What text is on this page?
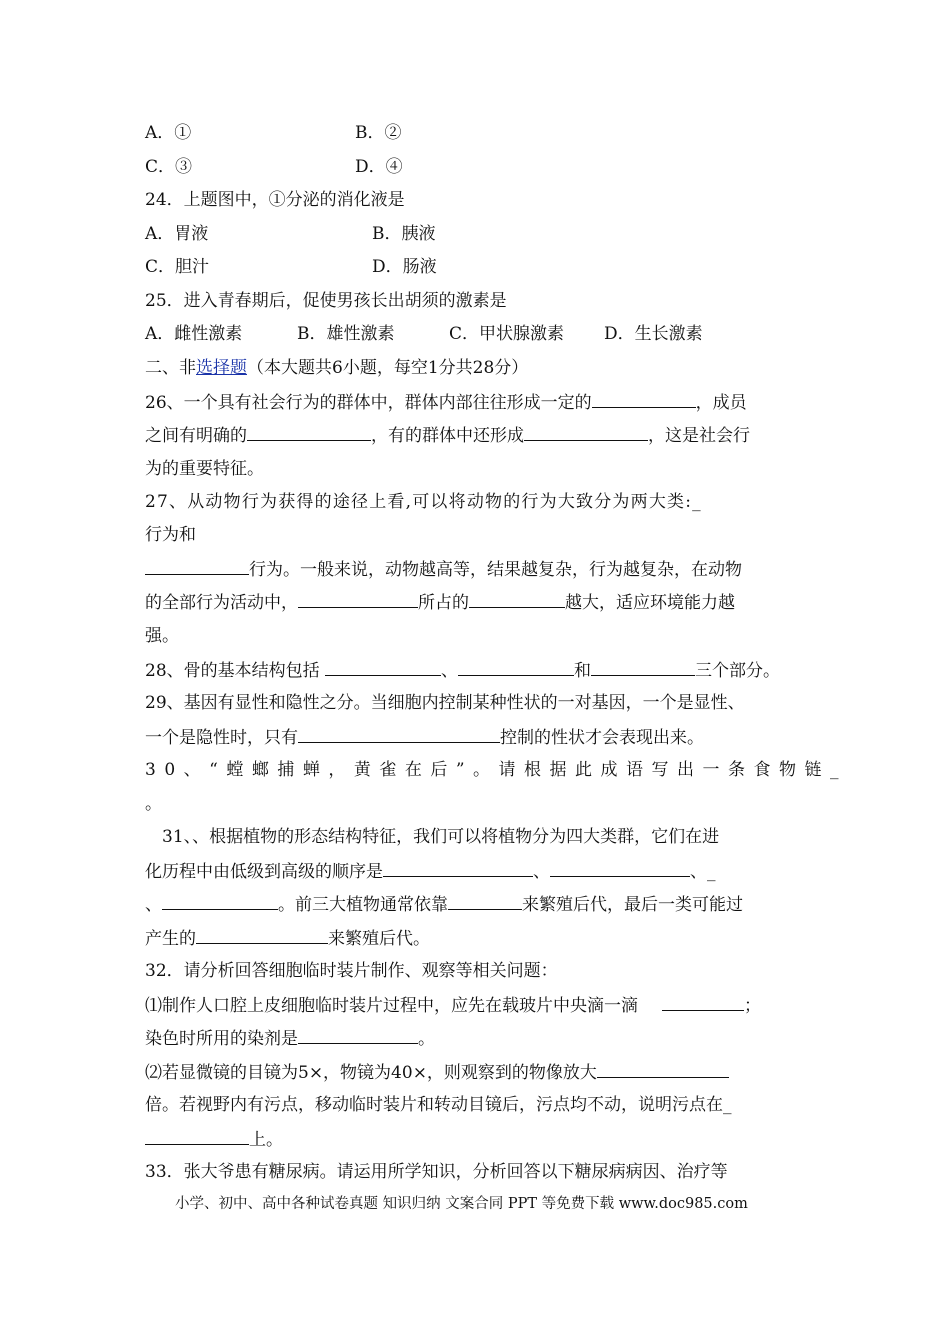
A．①	B．②
C．③	D．④
24．上题图中，①分泌的消化液是
A．胃液	B．胰液
C．胆汁	D．肠液
25．进入青春期后，促使男孩长出胡须的激素是
A．雌性激素	B．雄性激素	C．甲状腺激素 D．生长激素
二、非选择题（本大题共6小题，每空1分共28分）
26、一个具有社会行为的群体中，群体内部往往形成一定的	，成员
之间有明确的	，有的群体中还形成	，这是社会行
为的重要特征。
27、从动物行为获得的途径上看,可以将动物的行为大致分为两大类:_
行为和
行为。一般来说，动物越高等，结果越复杂，行为越复杂，在动物
的全部行为活动中，	所占的	越大，适应环境能力越
强。
28、骨的基本结构包括	、	和	三个部分。
29、基因有显性和隐性之分。当细胞内控制某种性状的一对基因，一个是显性、
一个是隐性时，只有	控制的性状才会表现出来。
30、“螳螂捕蝉，黄雀在后”。请根据此成语写出一条食物链_
。
31、、根据植物的形态结构特征，我们可以将植物分为四大类群，它们在进
化历程中由低级到高级的顺序是	、	、_
、	。前三大植物通常依靠	来繁殖后代，最后一类可能过
产生的	来繁殖后代。
32．请分析回答细胞临时装片制作、观察等相关问题：
⑴制作人口腔上皮细胞临时装片过程中，应先在载玻片中央滴一滴	；
染色时所用的染剂是	。
⑵若显微镜的目镜为5×，物镜为40×，则观察到的物像放大
倍。若视野内有污点，移动临时装片和转动目镜后，污点均不动，说明污点在_
上。
33．张大爷患有糖尿病。请运用所学知识，分析回答以下糖尿病病因、治疗等
小学、初中、高中各种试卷真题 知识归纳 文案合同 PPT 等免费下载 www.doc985.com
